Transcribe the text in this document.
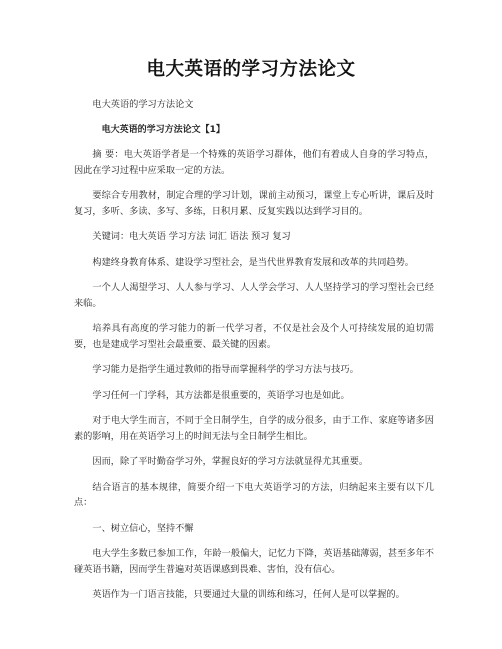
电大英语的学习方法论文

电大英语的学习方法论文

电大英语的学习方法论文【1】

摘 要：电大英语学者是一个特殊的英语学习群体，他们有着成人自身的学习特点，因此在学习过程中应采取一定的方法。

要综合专用教材，制定合理的学习计划，课前主动预习，课堂上专心听讲，课后及时复习，多听、多读、多写、多练，日积月累、反复实践以达到学习目的。

关键词：电大英语 学习方法 词汇 语法 预习 复习

构建终身教育体系、建设学习型社会，是当代世界教育发展和改革的共同趋势。

一个人人渴望学习、人人参与学习、人人学会学习、人人坚持学习的学习型社会已经来临。

培养具有高度的学习能力的新一代学习者，不仅是社会及个人可持续发展的迫切需要，也是建成学习型社会最重要、最关键的因素。

学习能力是指学生通过教师的指导而掌握科学的学习方法与技巧。

学习任何一门学科，其方法都是很重要的，英语学习也是如此。

对于电大学生而言，不同于全日制学生，自学的成分很多，由于工作、家庭等诸多因素的影响，用在英语学习上的时间无法与全日制学生相比。

因而，除了平时勤奋学习外，掌握良好的学习方法就显得尤其重要。

结合语言的基本规律，简要介绍一下电大英语学习的方法，归纳起来主要有以下几点：

一、树立信心，坚持不懈

电大学生多数已参加工作，年龄一般偏大，记忆力下降，英语基础薄弱，甚至多年不碰英语书籍，因而学生普遍对英语课感到畏难、害怕，没有信心。

英语作为一门语言技能，只要通过大量的训练和练习，任何人是可以掌握的。
